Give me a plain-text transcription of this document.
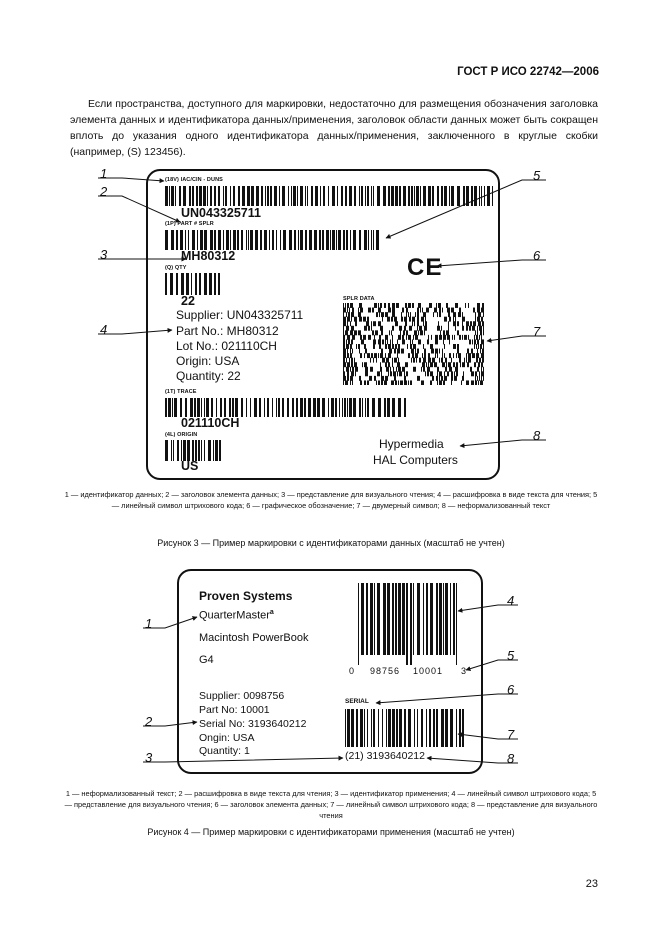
ГОСТ Р ИСО 22742—2006
Если пространства, доступного для маркировки, недостаточно для размещения обозначения заголовка элемента данных и идентификатора данных/применения, заголовок области данных может быть сокращен вплоть до указания одного идентификатора данных/применения, заключенного в круглые скобки (например, (S) 123456).
(18V) IAC/CIN - DUNS
UN043325711
(1P) PART # SPLR
MH80312
(Q) QTY
22
Supplier: UN043325711
Part No.: MH80312
Lot No.: 021110CH
Origin: USA
Quantity: 22
CE
SPLR DATA
(1T) TRACE
021110CH
(4L) ORIGIN
US
Hypermedia
HAL Computers
1
2
3
4
5
6
7
8
1 — идентификатор данных; 2 — заголовок элемента данных; 3 — представление для визуального чтения; 4 — расшифровка в виде текста для чтения; 5 — линейный символ штрихового кода; 6 — графическое обозначение; 7 — двумерный символ; 8 — неформализованный текст
Рисунок 3 — Пример маркировки с идентификаторами данных (масштаб не учтен)
Proven Systems
QuarterMaster$^a$
Macintosh PowerBook
G4
0 98756 10001 3
Supplier: 0098756
Part No: 10001
Serial No: 3193640212
Ongin: USA
Quantity: 1
SERIAL
(21) 3193640212
1
2
3
4
5
6
7
8
1 — неформализованный текст; 2 — расшифровка в виде текста для чтения; 3 — идентификатор применения; 4 — линейный символ штрихового кода; 5 — представление для визуального чтения; 6 — заголовок элемента данных; 7 — линейный символ штрихового кода; 8 — представление для визуального чтения
Рисунок 4 — Пример маркировки с идентификаторами применения (масштаб не учтен)
23
